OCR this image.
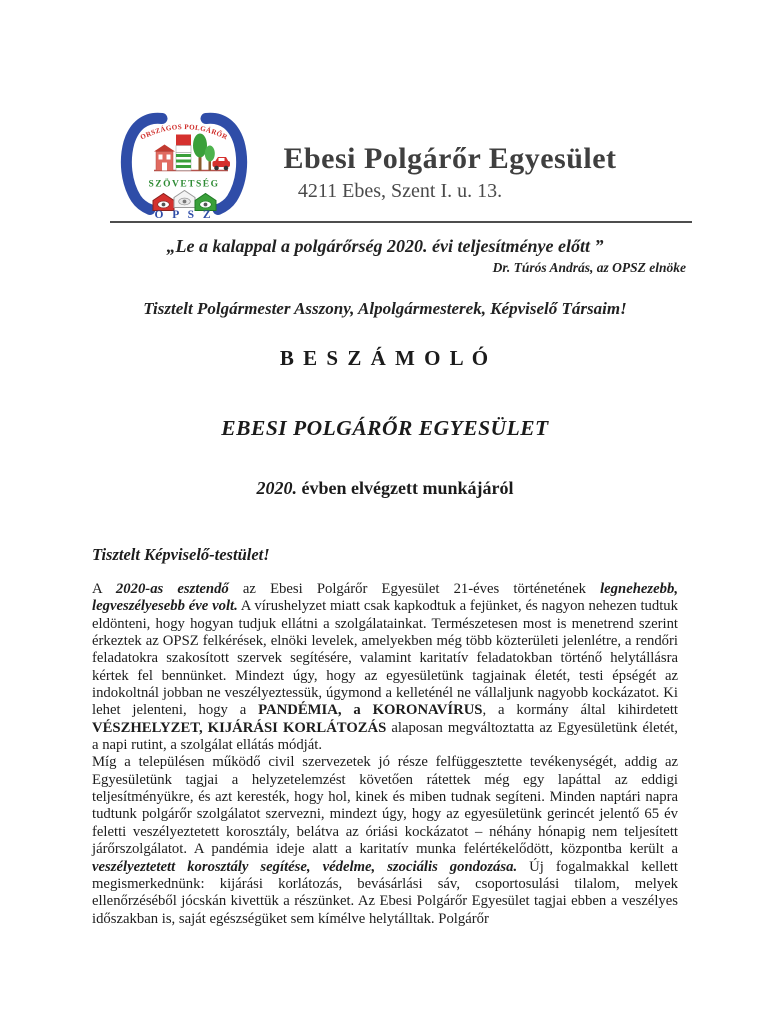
ORSZÁGOS POLGÁRŐR
SZÖVETSÉG
O P S Z
Ebesi Polgárőr Egyesület
4211 Ebes, Szent I. u. 13.
„Le a kalappal a polgárőrség 2020. évi teljesítménye előtt ”
Dr. Túrós András, az OPSZ elnöke
Tisztelt Polgármester Asszony, Alpolgármesterek, Képviselő Társaim!
B E S Z Á M O L Ó
EBESI POLGÁRŐR EGYESÜLET
2020. évben elvégzett munkájáról
Tisztelt Képviselő-testület!

A 2020-as esztendő az Ebesi Polgárőr Egyesület 21-éves történetének legnehezebb, legveszélyesebb éve volt. A vírushelyzet miatt csak kapkodtuk a fejünket, és nagyon nehezen tudtuk eldönteni, hogy hogyan tudjuk ellátni a szolgálatainkat. Természetesen most is menetrend szerint érkeztek az OPSZ felkérések, elnöki levelek, amelyekben még több közterületi jelenlétre, a rendőri feladatokra szakosított szervek segítésére, valamint karitatív feladatokban történő helytállásra kértek fel bennünket. Mindezt úgy, hogy az egyesületünk tagjainak életét, testi épségét az indokoltnál jobban ne veszélyeztessük, úgymond a kelleténél ne vállaljunk nagyobb kockázatot. Ki lehet jelenteni, hogy a PANDÉMIA, a KORONAVÍRUS, a kormány által kihirdetett VÉSZHELYZET, KIJÁRÁSI KORLÁTOZÁS alaposan megváltoztatta az Egyesületünk életét, a napi rutint, a szolgálat ellátás módját.

Míg a településen működő civil szervezetek jó része felfüggesztette tevékenységét, addig az Egyesületünk tagjai a helyzetelemzést követően rátettek még egy lapáttal az eddigi teljesítményükre, és azt keresték, hogy hol, kinek és miben tudnak segíteni. Minden naptári napra tudtunk polgárőr szolgálatot szervezni, mindezt úgy, hogy az egyesületünk gerincét jelentő 65 év feletti veszélyeztetett korosztály, belátva az óriási kockázatot – néhány hónapig nem teljesített járőrszolgálatot. A pandémia ideje alatt a karitatív munka felértékelődött, központba került a veszélyeztetett korosztály segítése, védelme, szociális gondozása. Új fogalmakkal kellett megismerkednünk: kijárási korlátozás, bevásárlási sáv, csoportosulási tilalom, melyek ellenőrzéséből jócskán kivettük a részünket. Az Ebesi Polgárőr Egyesület tagjai ebben a veszélyes időszakban is, saját egészségüket sem kímélve helytálltak. Polgárőr
